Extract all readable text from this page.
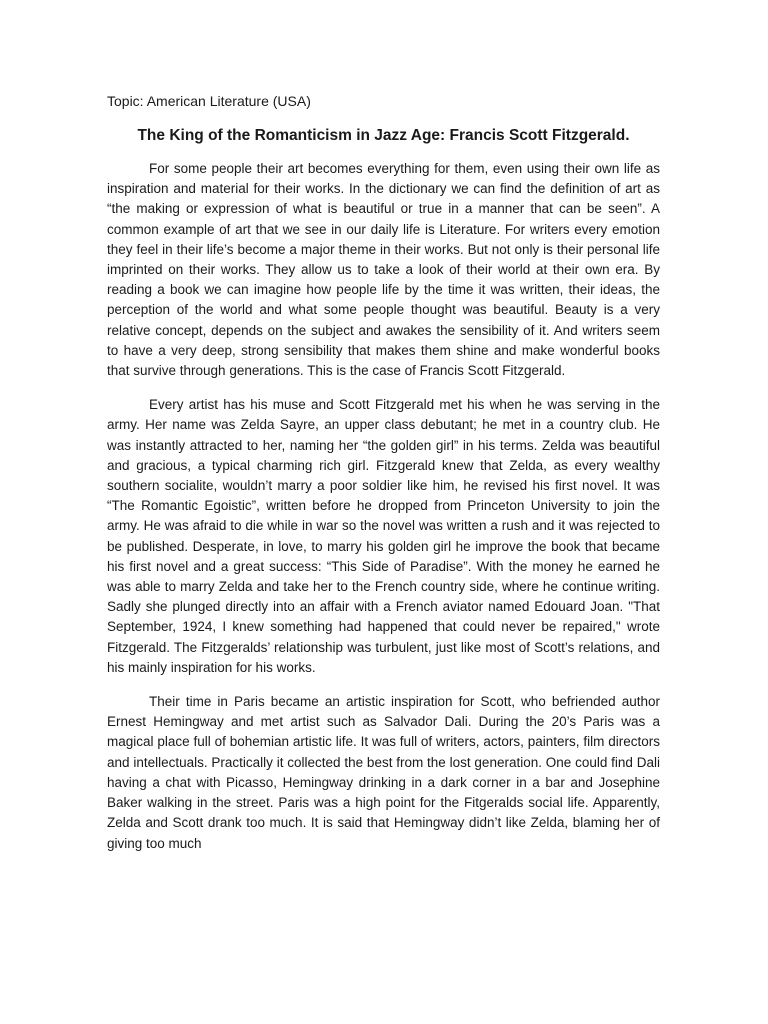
Topic: American Literature (USA)

The King of the Romanticism in Jazz Age: Francis Scott Fitzgerald.

For some people their art becomes everything for them, even using their own life as inspiration and material for their works. In the dictionary we can find the definition of art as “the making or expression of what is beautiful or true in a manner that can be seen”. A common example of art that we see in our daily life is Literature. For writers every emotion they feel in their life’s become a major theme in their works. But not only is their personal life imprinted on their works. They allow us to take a look of their world at their own era. By reading a book we can imagine how people life by the time it was written, their ideas, the perception of the world and what some people thought was beautiful. Beauty is a very relative concept, depends on the subject and awakes the sensibility of it. And writers seem to have a very deep, strong sensibility that makes them shine and make wonderful books that survive through generations. This is the case of Francis Scott Fitzgerald.

Every artist has his muse and Scott Fitzgerald met his when he was serving in the army. Her name was Zelda Sayre, an upper class debutant; he met in a country club. He was instantly attracted to her, naming her “the golden girl” in his terms. Zelda was beautiful and gracious, a typical charming rich girl. Fitzgerald knew that Zelda, as every wealthy southern socialite, wouldn’t marry a poor soldier like him, he revised his first novel. It was “The Romantic Egoistic”, written before he dropped from Princeton University to join the army. He was afraid to die while in war so the novel was written a rush and it was rejected to be published. Desperate, in love, to marry his golden girl he improve the book that became his first novel and a great success: “This Side of Paradise”. With the money he earned he was able to marry Zelda and take her to the French country side, where he continue writing. Sadly she plunged directly into an affair with a French aviator named Edouard Joan. "That September, 1924, I knew something had happened that could never be repaired," wrote Fitzgerald. The Fitzgeralds’ relationship was turbulent, just like most of Scott’s relations, and his mainly inspiration for his works.

Their time in Paris became an artistic inspiration for Scott, who befriended author Ernest Hemingway and met artist such as Salvador Dali. During the 20’s Paris was a magical place full of bohemian artistic life. It was full of writers, actors, painters, film directors and intellectuals. Practically it collected the best from the lost generation. One could find Dali having a chat with Picasso, Hemingway drinking in a dark corner in a bar and Josephine Baker walking in the street. Paris was a high point for the Fitgeralds social life. Apparently, Zelda and Scott drank too much. It is said that Hemingway didn’t like Zelda, blaming her of giving too much
